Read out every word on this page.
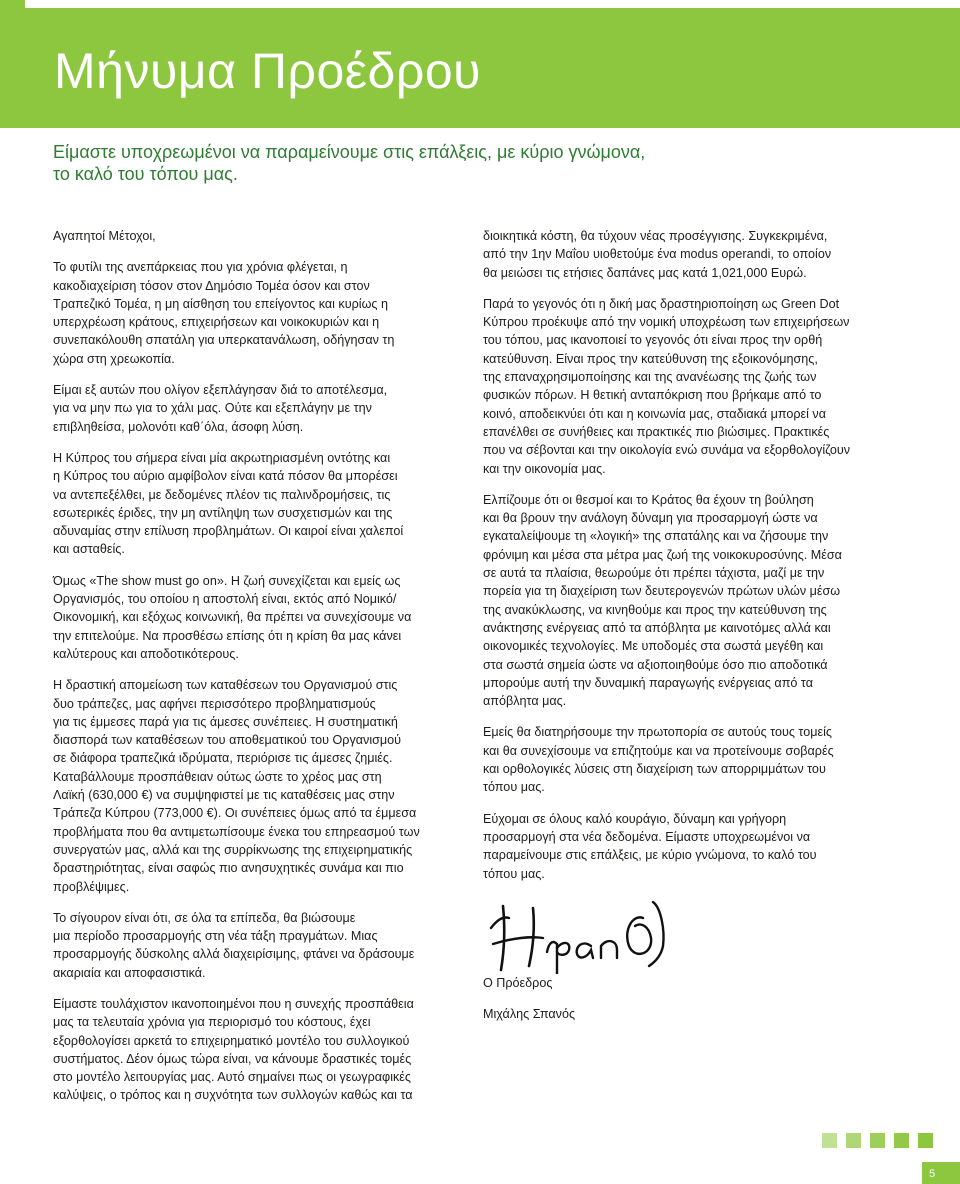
Μήνυμα Προέδρου
Είμαστε υποχρεωμένοι να παραμείνουμε στις επάλξεις, με κύριο γνώμονα,
το καλό του τόπου μας.

Αγαπητοί Μέτοχοι,

Το φυτίλι της ανεπάρκειας που για χρόνια φλέγεται, η
κακοδιαχείριση τόσον στον Δημόσιο Τομέα όσον και στον
Τραπεζικό Τομέα, η μη αίσθηση του επείγοντος και κυρίως η
υπερχρέωση κράτους, επιχειρήσεων και νοικοκυριών και η
συνεπακόλουθη σπατάλη για υπερκατανάλωση, οδήγησαν τη
χώρα στη χρεωκοπία.

Είμαι εξ αυτών που ολίγον εξεπλάγησαν διά το αποτέλεσμα,
για να μην πω για το χάλι μας. Ούτε και εξεπλάγην με την
επιβληθείσα, μολονότι καθ΄όλα, άσοφη λύση.

Η Κύπρος του σήμερα είναι μία ακρωτηριασμένη οντότης και
η Κύπρος του αύριο αμφίβολον είναι κατά πόσον θα μπορέσει
να αντεπεξέλθει, με δεδομένες πλέον τις παλινδρομήσεις, τις
εσωτερικές έριδες, την μη αντίληψη των συσχετισμών και της
αδυναμίας στην επίλυση προβλημάτων. Οι καιροί είναι χαλεποί
και ασταθείς.

Όμως «The show must go on». Η ζωή συνεχίζεται και εμείς ως
Οργανισμός, του οποίου η αποστολή είναι, εκτός από Νομικό/
Οικονομική, και εξόχως κοινωνική, θα πρέπει να συνεχίσουμε να
την επιτελούμε. Να προσθέσω επίσης ότι η κρίση θα μας κάνει
καλύτερους και αποδοτικότερους.

Η δραστική απομείωση των καταθέσεων του Οργανισμού στις
δυο τράπεζες, μας αφήνει περισσότερο προβληματισμούς
για τις έμμεσες παρά για τις άμεσες συνέπειες. Η συστηματική
διασπορά των καταθέσεων του αποθεματικού του Οργανισμού
σε διάφορα τραπεζικά ιδρύματα, περιόρισε τις άμεσες ζημιές.
Καταβάλλουμε προσπάθειαν ούτως ώστε το χρέος μας στη
Λαϊκή (630,000 €) να συμψηφιστεί με τις καταθέσεις μας στην
Τράπεζα Κύπρου (773,000 €). Οι συνέπειες όμως από τα έμμεσα
προβλήματα που θα αντιμετωπίσουμε ένεκα του επηρεασμού των
συνεργατών μας, αλλά και της συρρίκνωσης της επιχειρηματικής
δραστηριότητας, είναι σαφώς πιο ανησυχητικές συνάμα και πιο
προβλέψιμες.

Το σίγουρον είναι ότι, σε όλα τα επίπεδα, θα βιώσουμε
μια περίοδο προσαρμογής στη νέα τάξη πραγμάτων. Μιας
προσαρμογής δύσκολης αλλά διαχειρίσιμης, φτάνει να δράσουμε
ακαριαία και αποφασιστικά.

Είμαστε τουλάχιστον ικανοποιημένοι που η συνεχής προσπάθεια
μας τα τελευταία χρόνια για περιορισμό του κόστους, έχει
εξορθολογίσει αρκετά το επιχειρηματικό μοντέλο του συλλογικού
συστήματος. Δέον όμως τώρα είναι, να κάνουμε δραστικές τομές
στο μοντέλο λειτουργίας μας. Αυτό σημαίνει πως οι γεωγραφικές
καλύψεις, ο τρόπος και η συχνότητα των συλλογών καθώς και τα

διοικητικά κόστη, θα τύχουν νέας προσέγγισης. Συγκεκριμένα,
από την 1ην Μαΐου υιοθετούμε ένα modus operandi, το οποίον
θα μειώσει τις ετήσιες δαπάνες μας κατά 1,021,000 Ευρώ.

Παρά το γεγονός ότι η δική μας δραστηριοποίηση ως Green Dot
Κύπρου προέκυψε από την νομική υποχρέωση των επιχειρήσεων
του τόπου, μας ικανοποιεί το γεγονός ότι είναι προς την ορθή
κατεύθυνση. Είναι προς την κατεύθυνση της εξοικονόμησης,
της επαναχρησιμοποίησης και της ανανέωσης της ζωής των
φυσικών πόρων. Η θετική ανταπόκριση που βρήκαμε από το
κοινό, αποδεικνύει ότι και η κοινωνία μας, σταδιακά μπορεί να
επανέλθει σε συνήθειες και πρακτικές πιο βιώσιμες. Πρακτικές
που να σέβονται και την οικολογία ενώ συνάμα να εξορθολογίζουν
και την οικονομία μας.

Ελπίζουμε ότι οι θεσμοί και το Κράτος θα έχουν τη βούληση
και θα βρουν την ανάλογη δύναμη για προσαρμογή ώστε να
εγκαταλείψουμε τη «λογική» της σπατάλης και να ζήσουμε την
φρόνιμη και μέσα στα μέτρα μας ζωή της νοικοκυροσύνης. Μέσα
σε αυτά τα πλαίσια, θεωρούμε ότι πρέπει τάχιστα, μαζί με την
πορεία για τη διαχείριση των δευτερογενών πρώτων υλών μέσω
της ανακύκλωσης, να κινηθούμε και προς την κατεύθυνση της
ανάκτησης ενέργειας από τα απόβλητα με καινοτόμες αλλά και
οικονομικές τεχνολογίες. Με υποδομές στα σωστά μεγέθη και
στα σωστά σημεία ώστε να αξιοποιηθούμε όσο πιο αποδοτικά
μπορούμε αυτή την δυναμική παραγωγής ενέργειας από τα
απόβλητα μας.

Εμείς θα διατηρήσουμε την πρωτοπορία σε αυτούς τους τομείς
και θα συνεχίσουμε να επιζητούμε και να προτείνουμε σοβαρές
και ορθολογικές λύσεις στη διαχείριση των απορριμμάτων του
τόπου μας.

Εύχομαι σε όλους καλό κουράγιο, δύναμη και γρήγορη
προσαρμογή στα νέα δεδομένα. Είμαστε υποχρεωμένοι να
παραμείνουμε στις επάλξεις, με κύριο γνώμονα, το καλό του
τόπου μας.

Ο Πρόεδρος

Μιχάλης Σπανός

5
